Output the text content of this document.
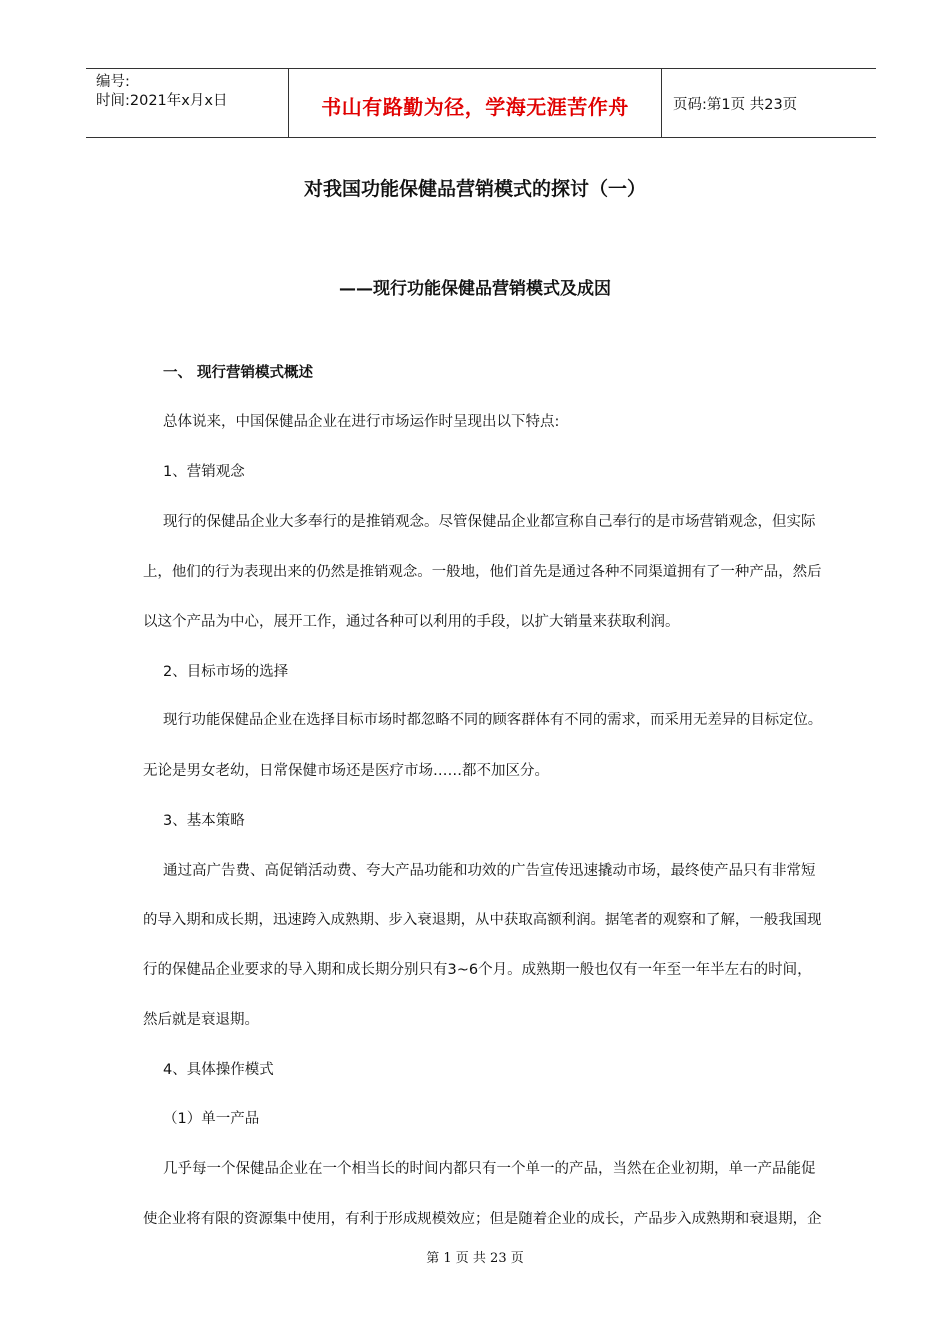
编号:
时间:2021年x月x日	书山有路勤为径，学海无涯苦作舟	页码:第1页 共23页
对我国功能保健品营销模式的探讨（一）
——现行功能保健品营销模式及成因
一、 现行营销模式概述
总体说来，中国保健品企业在进行市场运作时呈现出以下特点:
1、营销观念
现行的保健品企业大多奉行的是推销观念。尽管保健品企业都宣称自己奉行的是市场营销观念，但实际
上，他们的行为表现出来的仍然是推销观念。一般地，他们首先是通过各种不同渠道拥有了一种产品，然后
以这个产品为中心，展开工作，通过各种可以利用的手段，以扩大销量来获取利润。
2、目标市场的选择
现行功能保健品企业在选择目标市场时都忽略不同的顾客群体有不同的需求，而采用无差异的目标定位。
无论是男女老幼，日常保健市场还是医疗市场……都不加区分。
3、基本策略
通过高广告费、高促销活动费、夸大产品功能和功效的广告宣传迅速撬动市场，最终使产品只有非常短
的导入期和成长期，迅速跨入成熟期、步入衰退期，从中获取高额利润。据笔者的观察和了解，一般我国现
行的保健品企业要求的导入期和成长期分别只有3~6个月。成熟期一般也仅有一年至一年半左右的时间，
然后就是衰退期。
4、具体操作模式
（1）单一产品
几乎每一个保健品企业在一个相当长的时间内都只有一个单一的产品，当然在企业初期，单一产品能促
使企业将有限的资源集中使用，有利于形成规模效应；但是随着企业的成长，产品步入成熟期和衰退期，企
第 1 页 共 23 页
